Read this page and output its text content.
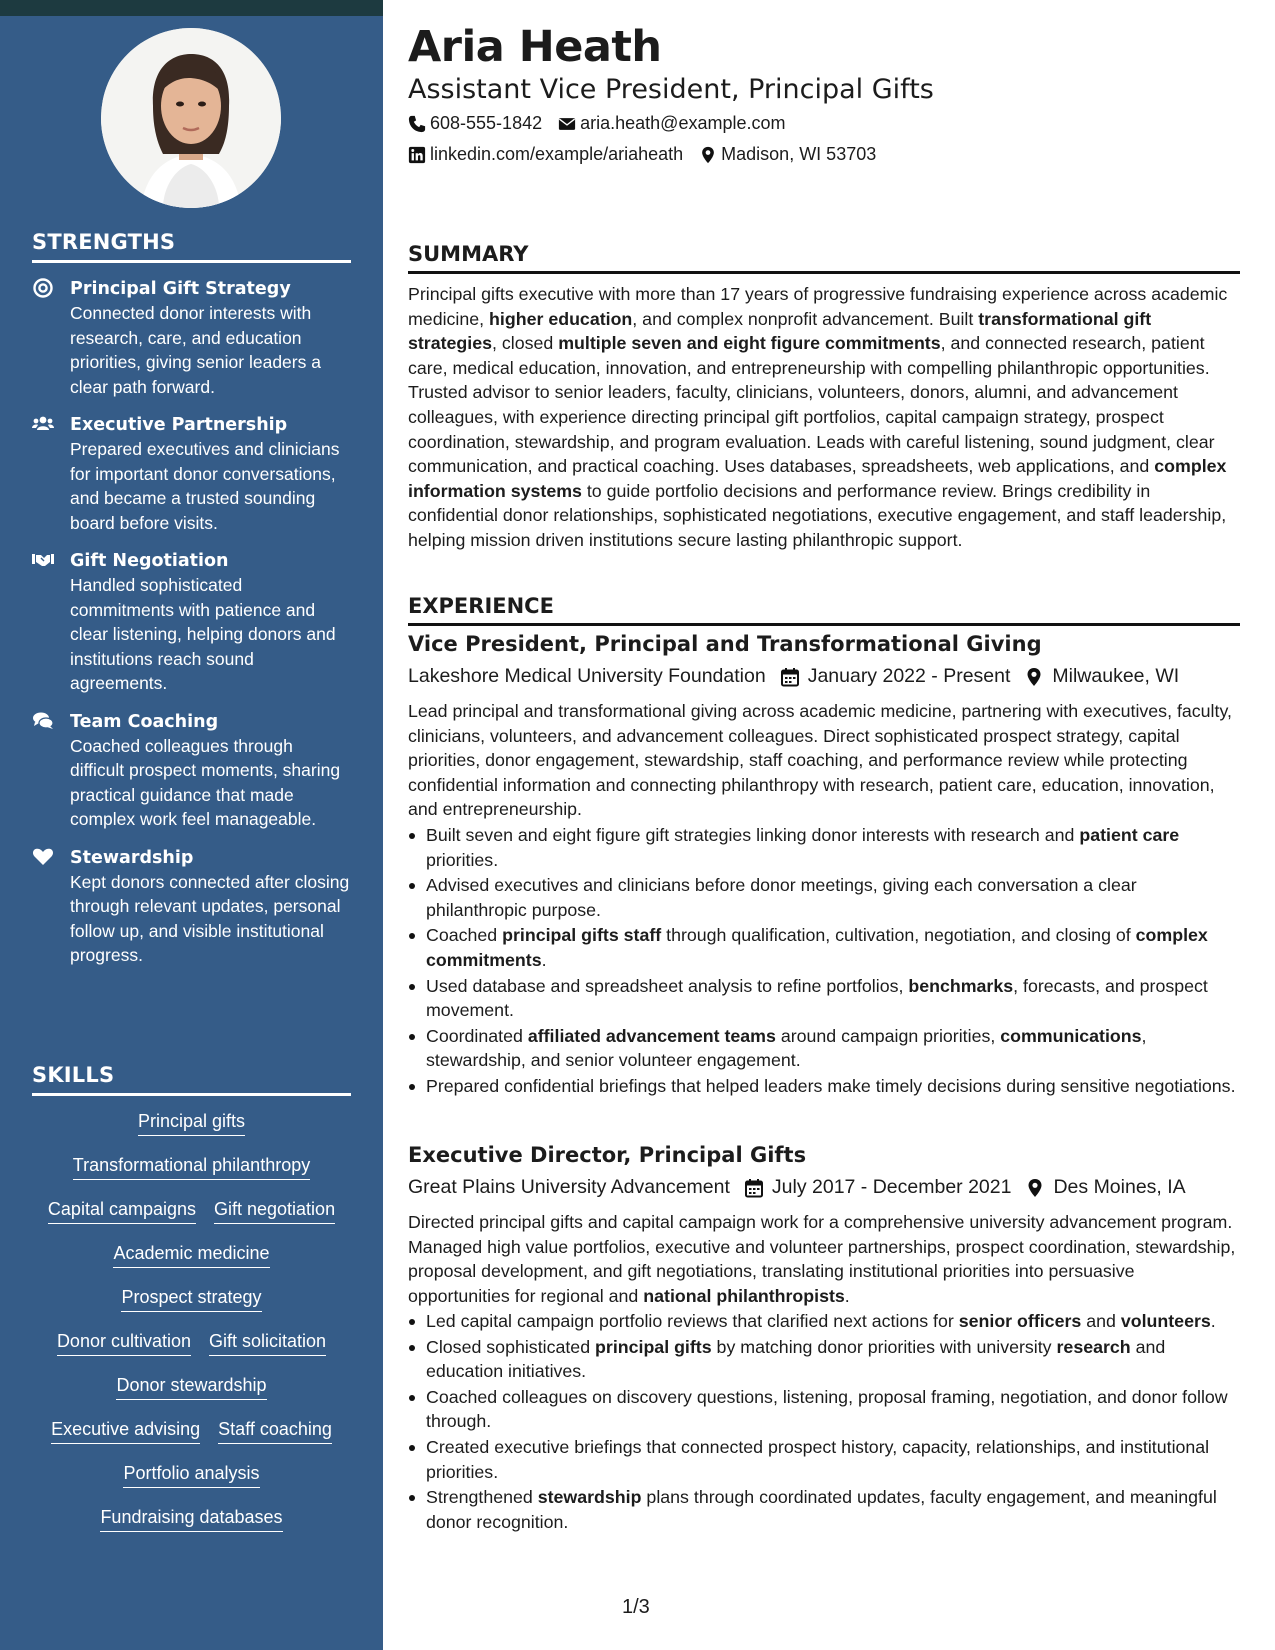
STRENGTHS
Principal Gift Strategy
Connected donor interests with research, care, and education priorities, giving senior leaders a clear path forward.
Executive Partnership
Prepared executives and clinicians for important donor conversations, and became a trusted sounding board before visits.
Gift Negotiation
Handled sophisticated commitments with patience and clear listening, helping donors and institutions reach sound agreements.
Team Coaching
Coached colleagues through difficult prospect moments, sharing practical guidance that made complex work feel manageable.
Stewardship
Kept donors connected after closing through relevant updates, personal follow up, and visible institutional progress.
SKILLS
Principal gifts
Transformational philanthropy
Capital campaigns Gift negotiation
Academic medicine
Prospect strategy
Donor cultivation Gift solicitation
Donor stewardship
Executive advising Staff coaching
Portfolio analysis
Fundraising databases
Aria Heath
Assistant Vice President, Principal Gifts
608-555-1842 aria.heath@example.com
linkedin.com/example/ariaheath Madison, WI 53703
SUMMARY
Principal gifts executive with more than 17 years of progressive fundraising experience across academic medicine, higher education, and complex nonprofit advancement. Built transformational gift strategies, closed multiple seven and eight figure commitments, and connected research, patient care, medical education, innovation, and entrepreneurship with compelling philanthropic opportunities. Trusted advisor to senior leaders, faculty, clinicians, volunteers, donors, alumni, and advancement colleagues, with experience directing principal gift portfolios, capital campaign strategy, prospect coordination, stewardship, and program evaluation. Leads with careful listening, sound judgment, clear communication, and practical coaching. Uses databases, spreadsheets, web applications, and complex information systems to guide portfolio decisions and performance review. Brings credibility in confidential donor relationships, sophisticated negotiations, executive engagement, and staff leadership, helping mission driven institutions secure lasting philanthropic support.
EXPERIENCE
Vice President, Principal and Transformational Giving
Lakeshore Medical University Foundation January 2022 - Present Milwaukee, WI
Lead principal and transformational giving across academic medicine, partnering with executives, faculty, clinicians, volunteers, and advancement colleagues. Direct sophisticated prospect strategy, capital priorities, donor engagement, stewardship, staff coaching, and performance review while protecting confidential information and connecting philanthropy with research, patient care, education, innovation, and entrepreneurship.
Built seven and eight figure gift strategies linking donor interests with research and patient care priorities.
Advised executives and clinicians before donor meetings, giving each conversation a clear philanthropic purpose.
Coached principal gifts staff through qualification, cultivation, negotiation, and closing of complex commitments.
Used database and spreadsheet analysis to refine portfolios, benchmarks, forecasts, and prospect movement.
Coordinated affiliated advancement teams around campaign priorities, communications, stewardship, and senior volunteer engagement.
Prepared confidential briefings that helped leaders make timely decisions during sensitive negotiations.
Executive Director, Principal Gifts
Great Plains University Advancement July 2017 - December 2021 Des Moines, IA
Directed principal gifts and capital campaign work for a comprehensive university advancement program. Managed high value portfolios, executive and volunteer partnerships, prospect coordination, stewardship, proposal development, and gift negotiations, translating institutional priorities into persuasive opportunities for regional and national philanthropists.
Led capital campaign portfolio reviews that clarified next actions for senior officers and volunteers.
Closed sophisticated principal gifts by matching donor priorities with university research and education initiatives.
Coached colleagues on discovery questions, listening, proposal framing, negotiation, and donor follow through.
Created executive briefings that connected prospect history, capacity, relationships, and institutional priorities.
Strengthened stewardship plans through coordinated updates, faculty engagement, and meaningful donor recognition.
1/3
